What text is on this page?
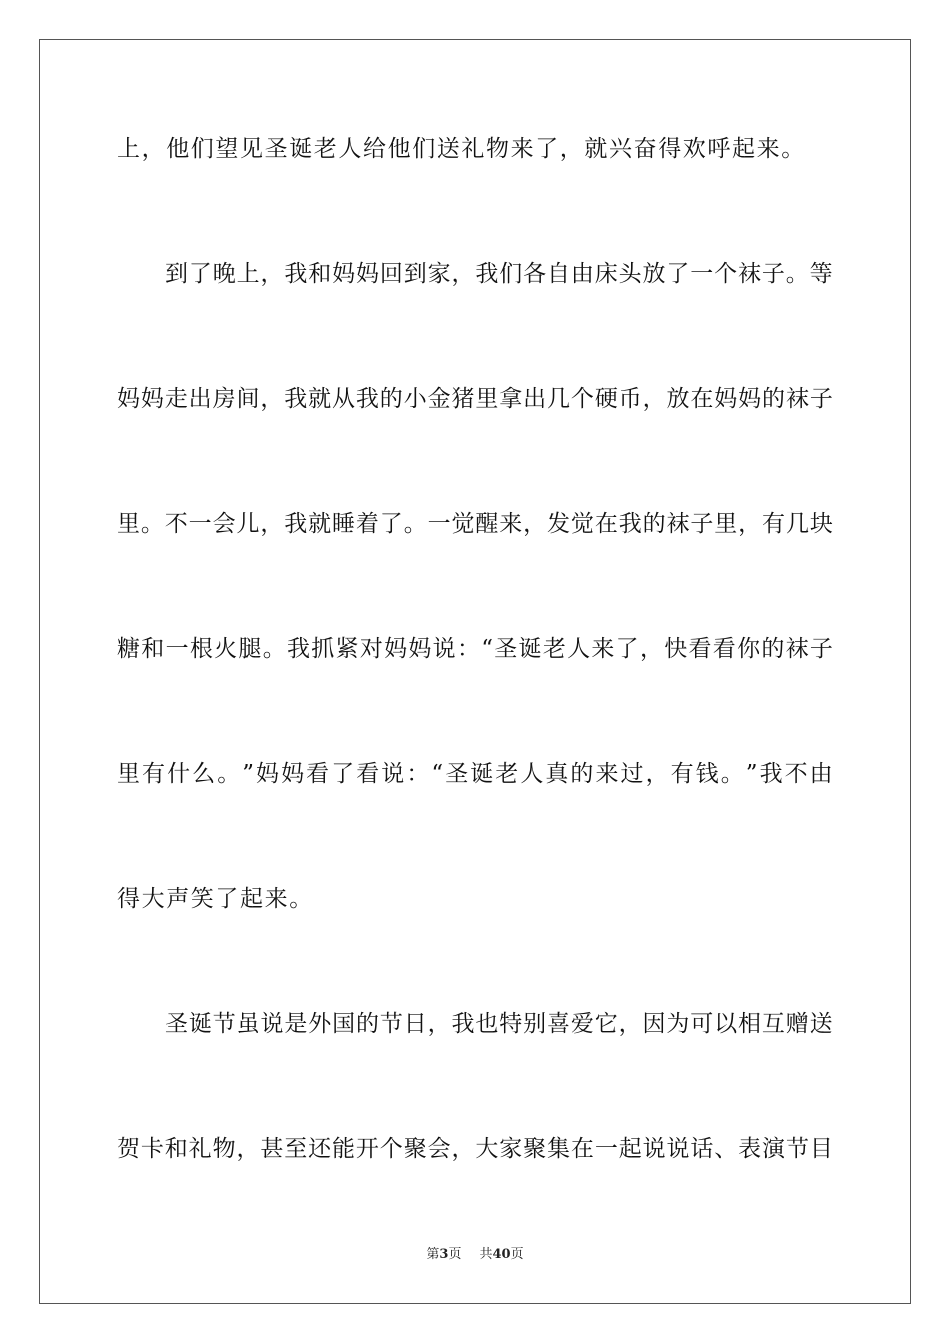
上，他们望见圣诞老人给他们送礼物来了，就兴奋得欢呼起来。
到 了 晚 上 ， 我 和 妈 妈 回 到 家 ， 我 们 各 自 由 床 头 放 了 一 个 袜 子 。 等
妈 妈 走 出 房 间 ， 我 就 从 我 的 小 金 猪 里 拿 出 几 个 硬 币 ， 放 在 妈 妈 的 袜 子
里 。 不 一 会 儿 ， 我 就 睡 着 了 。 一 觉 醒 来 ， 发 觉 在 我 的 袜 子 里 ， 有 几 块
糖 和 一 根 火 腿 。 我 抓 紧 对 妈 妈 说 ： “ 圣 诞 老 人 来 了 ， 快 看 看 你 的 袜 子
里 有 什 么 。 ” 妈 妈 看 了 看 说 ： “ 圣 诞 老 人 真 的 来 过 ， 有 钱 。 ” 我 不 由
得大声笑了起来。
圣 诞 节 虽 说 是 外 国 的 节 日 ， 我 也 特 别 喜 爱 它 ， 因 为 可 以 相 互 赠 送
贺 卡 和 礼 物 ， 甚 至 还 能 开 个 聚 会 ， 大 家 聚 集 在 一 起 说 说 话 、 表 演 节 目
第3页 共40页
